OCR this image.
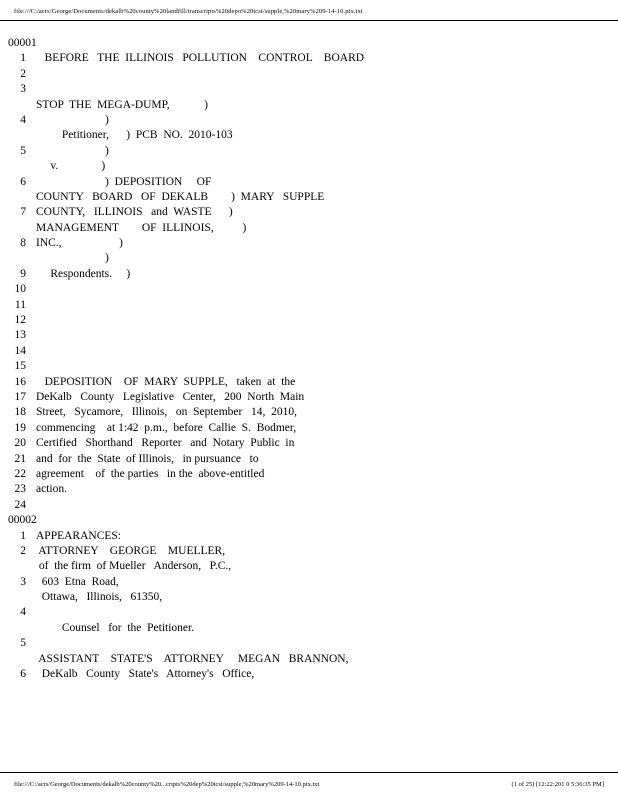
file:///C:/acrs/George/Documents/dekalb%20county%20landfill/transcripts%20depo%20tcst/supple,%20mary%209-14-10.ptx.txt
00001
1   BEFORE   THE  ILLINOIS   POLLUTION    CONTROL    BOARD
2
3
STOP  THE  MEGA-DUMP,            )
4                        )
Petitioner,      )  PCB  NO.  2010-103
5                        )
v.               )
6                        )  DEPOSITION     OF
COUNTY   BOARD   OF  DEKALB        )  MARY   SUPPLE
7 COUNTY,   ILLINOIS   and  WASTE      )
MANAGEMENT        OF  ILLINOIS,          )
8 INC.,                    )
)
9     Respondents.     )
10
11
12
13
14
15
16   DEPOSITION    OF  MARY  SUPPLE,   taken  at  the
17 DeKalb   County   Legislative   Center,   200  North  Main
18 Street,   Sycamore,   Illinois,   on  September   14,  2010,
19 commencing    at 1:42  p.m.,  before  Callie  S.  Bodmer,
20 Certified   Shorthand   Reporter   and  Notary  Public  in
21 and  for  the  State  of Illinois,   in pursuance   to
22 agreement    of  the parties   in the  above-entitled
23 action.
24
00002
1 APPEARANCES:
2 ATTORNEY    GEORGE    MUELLER,
of  the firm  of Mueller   Anderson,   P.C.,
3  603  Etna  Road,
Ottawa,   Illinois,   61350,
4
Counsel   for  the  Petitioner.
5
ASSISTANT    STATE'S    ATTORNEY     MEGAN   BRANNON,
6  DeKalb   County   State's   Attorney's   Office,
file:///C:/acrs/George/Documents/dekalb%20county%20...cripts%20dep%20tcst/supple,%20mary%209-14-10.ptx.txt	(1 of 25) [12:22:201 0 5:36:35 PM]
